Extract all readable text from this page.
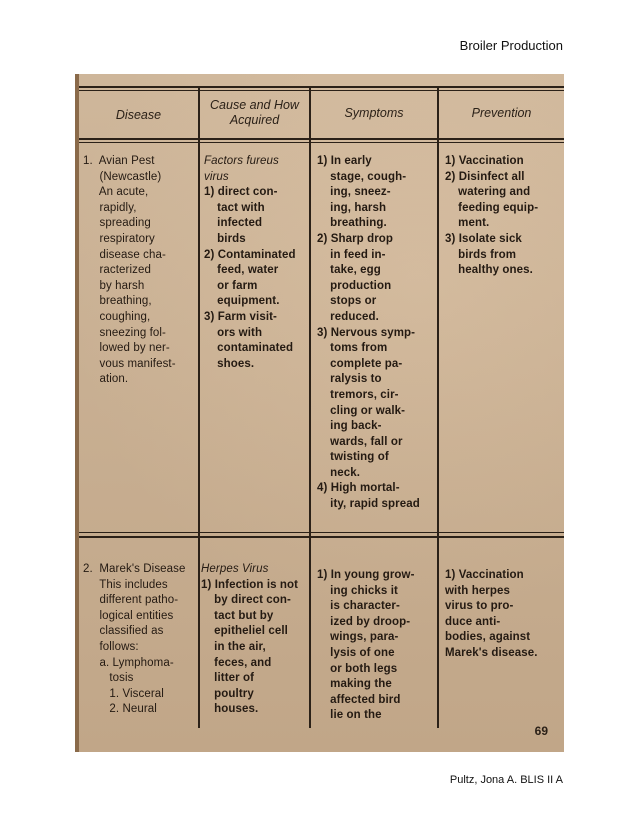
Broiler Production
Disease
Cause and How
Acquired	Symptoms	Prevention
1.  Avian Pest
(Newcastle)
An acute,
rapidly,
spreading
respiratory
disease cha-
racterized
by harsh
breathing,
coughing,
sneezing fol-
lowed by ner-
vous manifest-
ation.
Factors fureus
virus
1) direct con-
tact with
infected
birds
2) Contaminated
feed, water
or farm
equipment.
3) Farm visit-
ors with
contaminated
shoes.
1) In early
stage, cough-
ing, sneez-
ing, harsh
breathing.
2) Sharp drop
in feed in-
take, egg
production
stops or
reduced.
3) Nervous symp-
toms from
complete pa-
ralysis to
tremors, cir-
cling or walk-
ing back-
wards, fall or
twisting of
neck.
4) High mortal-
ity, rapid spread
1) Vaccination
2) Disinfect all
watering and
feeding equip-
ment.
3) Isolate sick
birds from
healthy ones.
2.  Marek's Disease
This includes
different patho-
logical entities
classified as
follows:
a. Lymphoma-
tosis
1. Visceral
2. Neural
Herpes Virus
1) Infection is not
by direct con-
tact but by
epitheliel cell
in the air,
feces, and
litter of
poultry
houses.
1) In young grow-
ing chicks it
is character-
ized by droop-
wings, para-
lysis of one
or both legs
making the
affected bird
lie on the
1) Vaccination
with herpes
virus to pro-
duce anti-
bodies, against
Marek's disease.
69
Pultz, Jona A. BLIS II A
